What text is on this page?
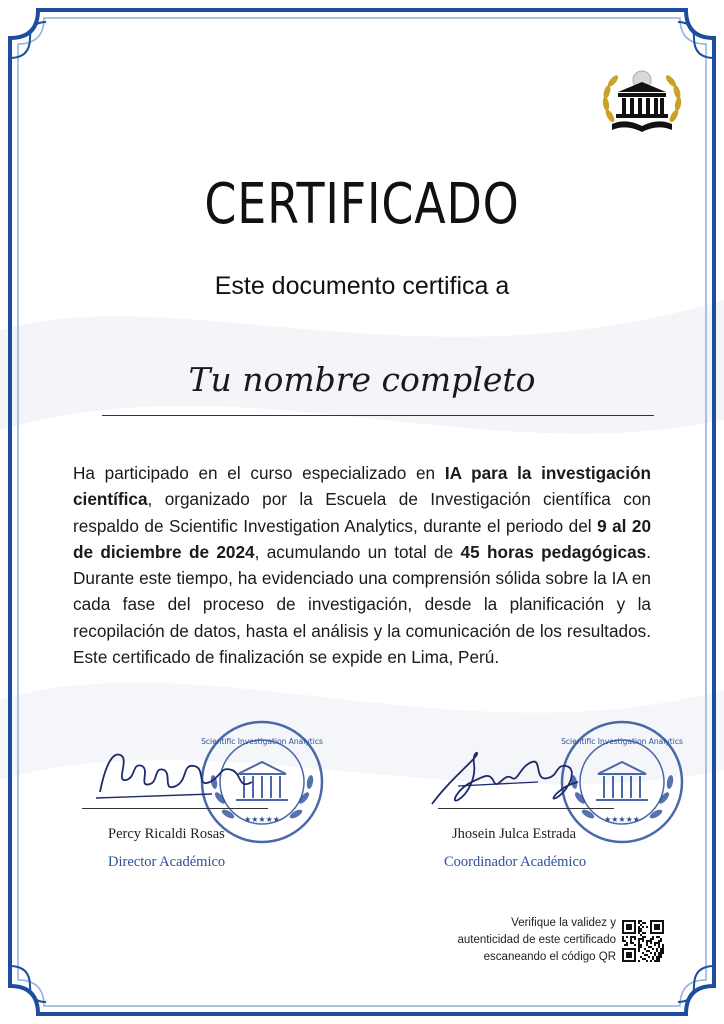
CERTIFICADO
Este documento certifica a
Tu nombre completo
Ha participado en el curso especializado en IA para la investigación científica, organizado por la Escuela de Investigación científica con respaldo de Scientific Investigation Analytics, durante el periodo del 9 al 20 de diciembre de 2024, acumulando un total de 45 horas pedagógicas. Durante este tiempo, ha evidenciado una comprensión sólida sobre la IA en cada fase del proceso de investigación, desde la planificación y la recopilación de datos, hasta el análisis y la comunicación de los resultados. Este certificado de finalización se expide en Lima, Perú.
★★★★★
Scientific Investigation Analytics
Percy Ricaldi Rosas
Director Académico
★★★★★
Scientific Investigation Analytics
Jhosein Julca Estrada
Coordinador Académico
Verifique la validez y
autenticidad de este certificado
escaneando el código QR
